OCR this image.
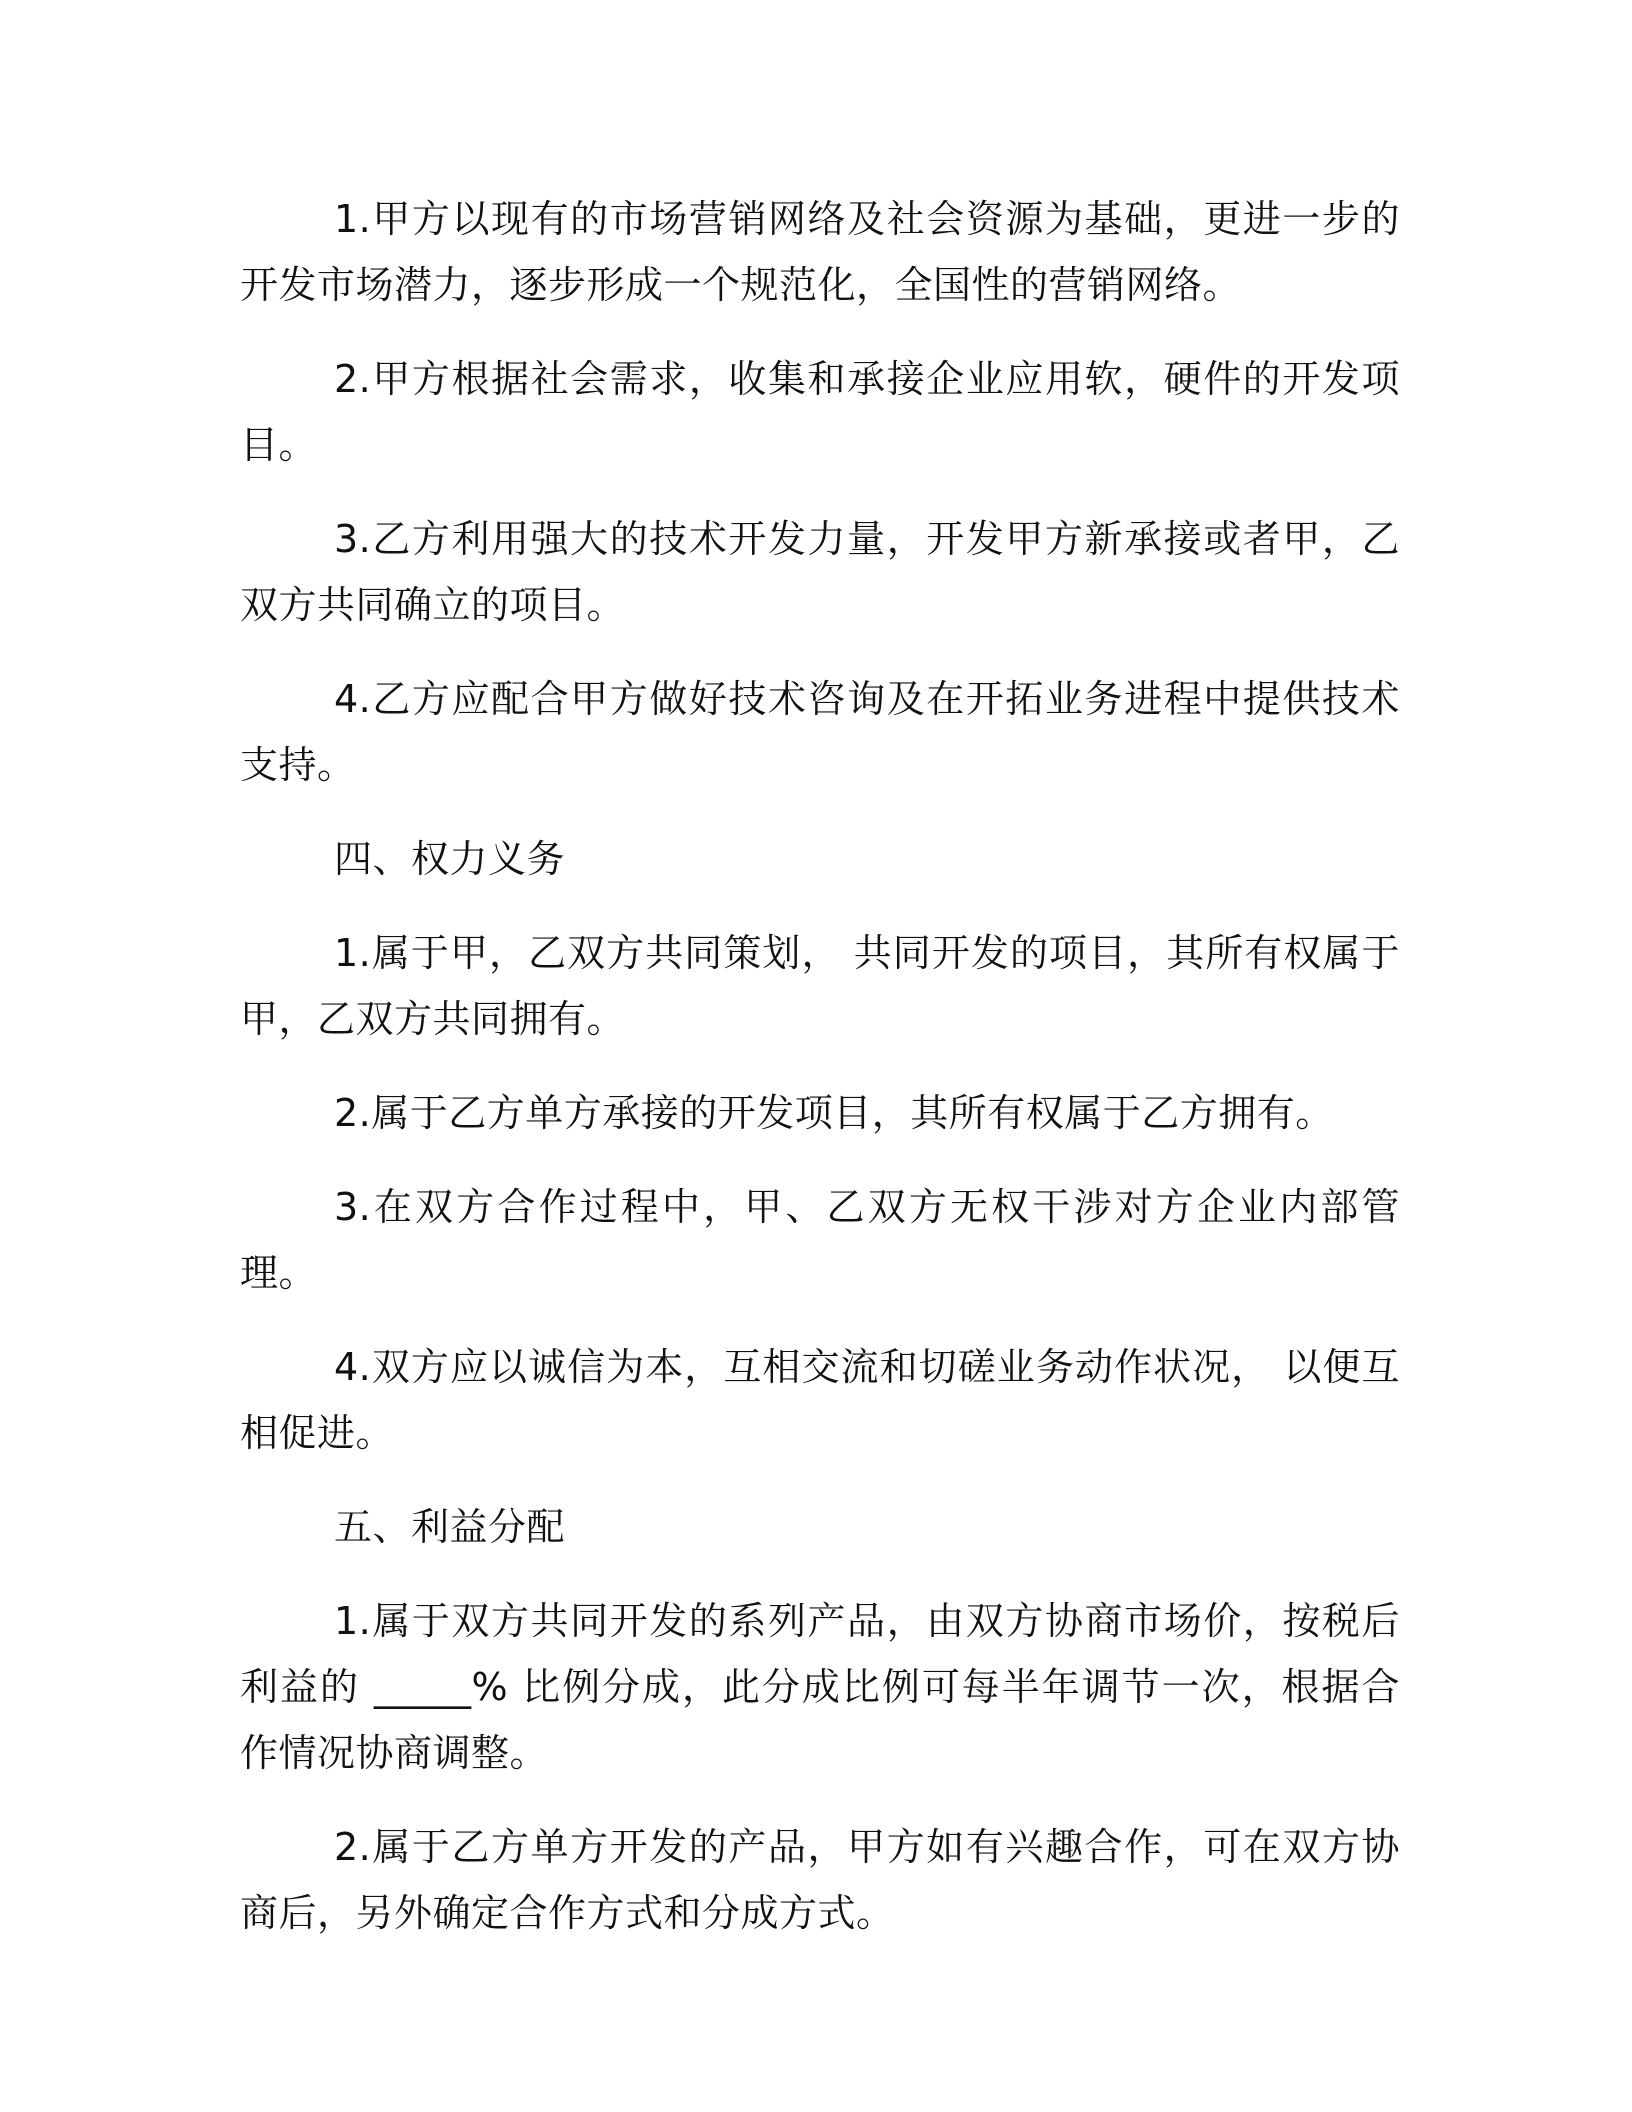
1.甲方以现有的市场营销网络及社会资源为基础，更进一步的开发市场潜力，逐步形成一个规范化，全国性的营销网络。

2.甲方根据社会需求，收集和承接企业应用软，硬件的开发项目。

3.乙方利用强大的技术开发力量，开发甲方新承接或者甲，乙双方共同确立的项目。

4.乙方应配合甲方做好技术咨询及在开拓业务进程中提供技术支持。

四、权力义务

1.属于甲，乙双方共同策划， 共同开发的项目，其所有权属于甲，乙双方共同拥有。

2.属于乙方单方承接的开发项目，其所有权属于乙方拥有。

3.在双方合作过程中，甲、乙双方无权干涉对方企业内部管理。

4.双方应以诚信为本，互相交流和切磋业务动作状况， 以便互相促进。

五、利益分配

1.属于双方共同开发的系列产品，由双方协商市场价，按税后利益的 _____% 比例分成，此分成比例可每半年调节一次，根据合作情况协商调整。

2.属于乙方单方开发的产品，甲方如有兴趣合作，可在双方协商后，另外确定合作方式和分成方式。
